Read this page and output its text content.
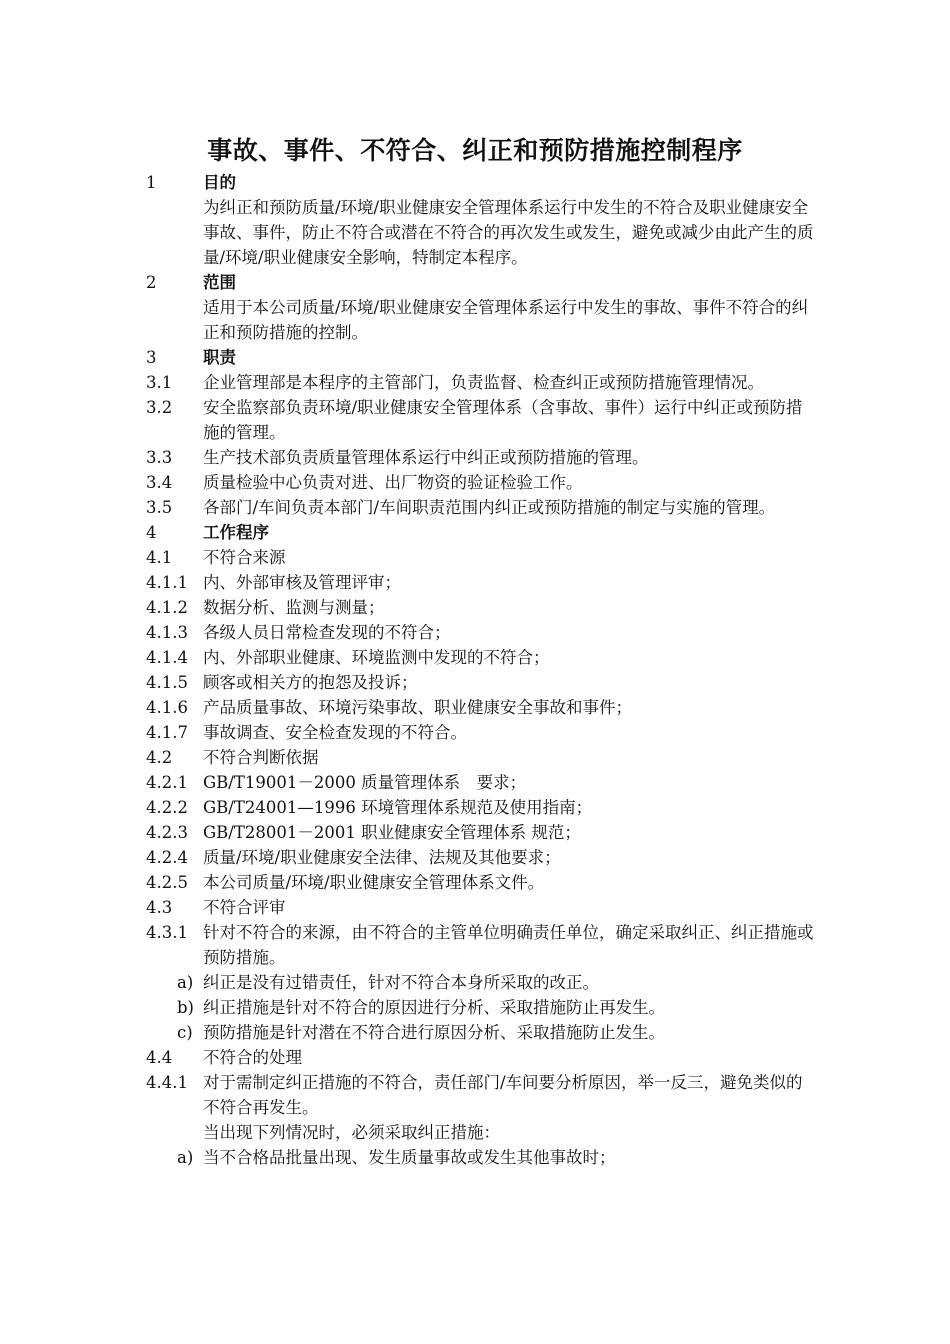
事故、事件、不符合、纠正和预防措施控制程序
1	目的
为纠正和预防质量/环境/职业健康安全管理体系运行中发生的不符合及职业健康安全事故、事件，防止不符合或潜在不符合的再次发生或发生，避免或减少由此产生的质量/环境/职业健康安全影响，特制定本程序。
2	范围
适用于本公司质量/环境/职业健康安全管理体系运行中发生的事故、事件不符合的纠正和预防措施的控制。
3	职责
3.1	企业管理部是本程序的主管部门，负责监督、检查纠正或预防措施管理情况。
3.2	安全监察部负责环境/职业健康安全管理体系（含事故、事件）运行中纠正或预防措施的管理。
3.3	生产技术部负责质量管理体系运行中纠正或预防措施的管理。
3.4	质量检验中心负责对进、出厂物资的验证检验工作。
3.5	各部门/车间负责本部门/车间职责范围内纠正或预防措施的制定与实施的管理。
4	工作程序
4.1	不符合来源
4.1.1 内、外部审核及管理评审；
4.1.2 数据分析、监测与测量；
4.1.3 各级人员日常检查发现的不符合；
4.1.4 内、外部职业健康、环境监测中发现的不符合；
4.1.5 顾客或相关方的抱怨及投诉；
4.1.6 产品质量事故、环境污染事故、职业健康安全事故和事件；
4.1.7 事故调查、安全检查发现的不符合。
4.2	不符合判断依据
4.2.1 GB/T19001－2000 质量管理体系　要求；
4.2.2 GB/T24001—1996 环境管理体系规范及使用指南；
4.2.3 GB/T28001－2001 职业健康安全管理体系 规范；
4.2.4 质量/环境/职业健康安全法律、法规及其他要求；
4.2.5 本公司质量/环境/职业健康安全管理体系文件。
4.3	不符合评审
4.3.1 针对不符合的来源，由不符合的主管单位明确责任单位，确定采取纠正、纠正措施或预防措施。
a) 纠正是没有过错责任，针对不符合本身所采取的改正。
b) 纠正措施是针对不符合的原因进行分析、采取措施防止再发生。
c) 预防措施是针对潜在不符合进行原因分析、采取措施防止发生。
4.4	不符合的处理
4.4.1 对于需制定纠正措施的不符合，责任部门/车间要分析原因，举一反三，避免类似的不符合再发生。
当出现下列情况时，必须采取纠正措施：
a) 当不合格品批量出现、发生质量事故或发生其他事故时；
